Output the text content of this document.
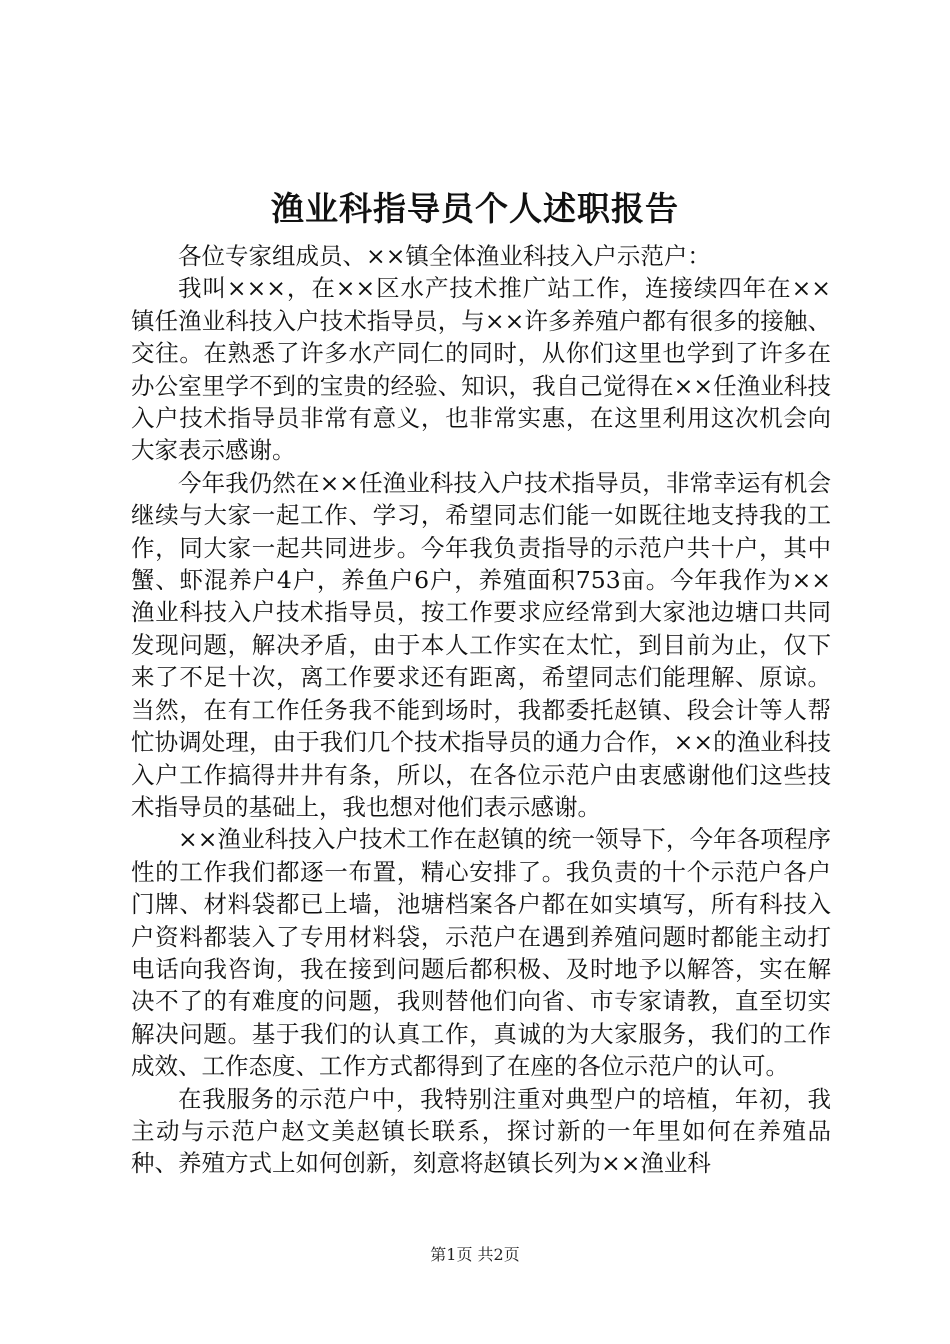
渔业科指导员个人述职报告

各位专家组成员、××镇全体渔业科技入户示范户：

我叫×××，在××区水产技术推广站工作，连接续四年在××镇任渔业科技入户技术指导员，与××许多养殖户都有很多的接触、交往。在熟悉了许多水产同仁的同时，从你们这里也学到了许多在办公室里学不到的宝贵的经验、知识，我自己觉得在××任渔业科技入户技术指导员非常有意义，也非常实惠，在这里利用这次机会向大家表示感谢。

今年我仍然在××任渔业科技入户技术指导员，非常幸运有机会继续与大家一起工作、学习，希望同志们能一如既往地支持我的工作，同大家一起共同进步。今年我负责指导的示范户共十户，其中蟹、虾混养户4户，养鱼户6户，养殖面积753亩。今年我作为××渔业科技入户技术指导员，按工作要求应经常到大家池边塘口共同发现问题，解决矛盾，由于本人工作实在太忙，到目前为止，仅下来了不足十次，离工作要求还有距离，希望同志们能理解、原谅。当然，在有工作任务我不能到场时，我都委托赵镇、段会计等人帮忙协调处理，由于我们几个技术指导员的通力合作，××的渔业科技入户工作搞得井井有条，所以，在各位示范户由衷感谢他们这些技术指导员的基础上，我也想对他们表示感谢。

××渔业科技入户技术工作在赵镇的统一领导下，今年各项程序性的工作我们都逐一布置，精心安排了。我负责的十个示范户各户门牌、材料袋都已上墙，池塘档案各户都在如实填写，所有科技入户资料都装入了专用材料袋，示范户在遇到养殖问题时都能主动打电话向我咨询，我在接到问题后都积极、及时地予以解答，实在解决不了的有难度的问题，我则替他们向省、市专家请教，直至切实解决问题。基于我们的认真工作，真诚的为大家服务，我们的工作成效、工作态度、工作方式都得到了在座的各位示范户的认可。

在我服务的示范户中，我特别注重对典型户的培植，年初，我主动与示范户赵文美赵镇长联系，探讨新的一年里如何在养殖品种、养殖方式上如何创新，刻意将赵镇长列为××渔业科

第1页 共2页
